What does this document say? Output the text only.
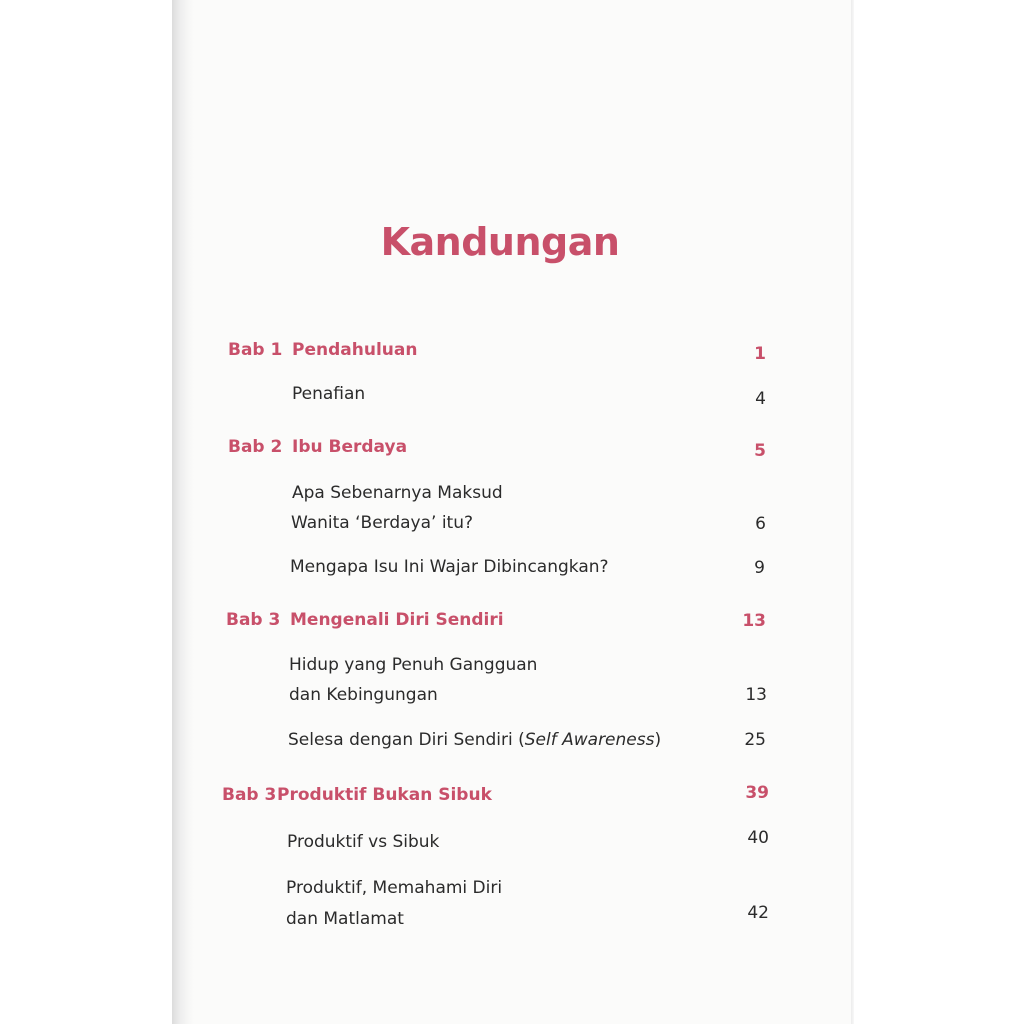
Kandungan
Bab 1 Pendahuluan	1
Penafian	4
Bab 2 Ibu Berdaya	5
Apa Sebenarnya Maksud
Wanita ‘Berdaya’ itu?	6
Mengapa Isu Ini Wajar Dibincangkan?	9
Bab 3 Mengenali Diri Sendiri	13
Hidup yang Penuh Gangguan
dan Kebingungan	13
Selesa dengan Diri Sendiri (Self Awareness)	25
Bab 3 Produktif Bukan Sibuk	39
Produktif vs Sibuk	40
Produktif, Memahami Diri
dan Matlamat	42
